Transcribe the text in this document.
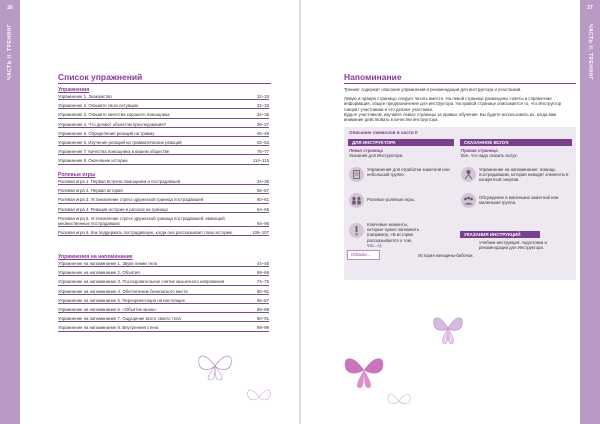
26
ЧАСТЬ II. ТРЕНИНГ	Список упражнений
Упражнения
Упражнение 1. Знакомство	32–33
Упражнение 2. Опишите свою ситуацию	32–33
Упражнение 3. Опишите качества хорошего помощника	34–35
Упражнение 4. Что делают объектом преследования?	36–37
Упражнение 5. Определение реакций на травму	46–49
Упражнение 6. Изучение реакций на травматические реакций	52–53
Упражнение 7. Качества помощника в вашем обществе	76–77
Упражнение 8. Окончание истории	114–115
Ролевые игры
Ролевая игра 1. Первая встреча помощника и пострадавшей	34–35
Ролевая игра 2. Первая история	56–57
Ролевая игра 3. Установление стресс-дружеской граница пострадавшей	60–61
Ролевая игра 4. Реакция истории и рассказ на граница	64–65
Ролевая игра 5. Установление стресс-дружеской граница пострадавшей, имеющей множественные пострадавших	94–95
Ролевая игра 6. Как поддержать пострадавшую, когда она рассказывает свою историю	106–107
Упражнения на напоминание
Упражнение на напоминание 1. Звуки линии тела	44–45
Упражнение на напоминание 2. Объятия	68–69
Упражнение на напоминание 3. Последовательное снятие мышечного напряжения	74–75
Упражнение на напоминание 4. Обеспечение безопасного места	80–81
Упражнение на напоминание 5. Переориентация на настоящее	86–87
Упражнение на напоминание 6. «Объятие мною»	88–89
Упражнение на напоминание 7. Ощущение всего своего тела	90–91
Упражнение на напоминание 8. Внутренняя стена	98–99
Напоминание
Тренинг содержит описание упражнений и рекомендации для инструктора и участников.
Левую и правую страницы следует читать вместе. На левой странице размещены советы и справочная информация, общее предназначение для инструктора. На правой странице описывается то, что Инструктор говорит участникам и что делают участники.
Будьте участником, изучайте левые страницы за правые обучения. Вы будете использовать их, когда вам внимание действовать в качестве инструктора.
Описание символов в части II
ДЛЯ ИНСТРУКТОРА	СКАЗАННОЕ ВСЛУХ
Левая страница
Указания для Инструктора.
Правая страница
Все, что надо сказать вслух.
Упражнения для отработки заметной или небольшой группе.
Упражнение на напоминание: помощь пострадавшим, которая наводит элементы в конкретной энергии.
Ролевые ролевые игры.	Обсуждение в маленьких заметной или маленькая группа.
Ключевые моменты, которые нужно запомнить (например, «В истории рассказывается о том, что...»).
УКАЗАНИЯ ИНСТРУКЦИЙ
Учебник инструкция: подготовка и рекомендации для Инструктора.
Обходы...	История женщины-бабочки.
27
ЧАСТЬ II. ТРЕНИНГ
